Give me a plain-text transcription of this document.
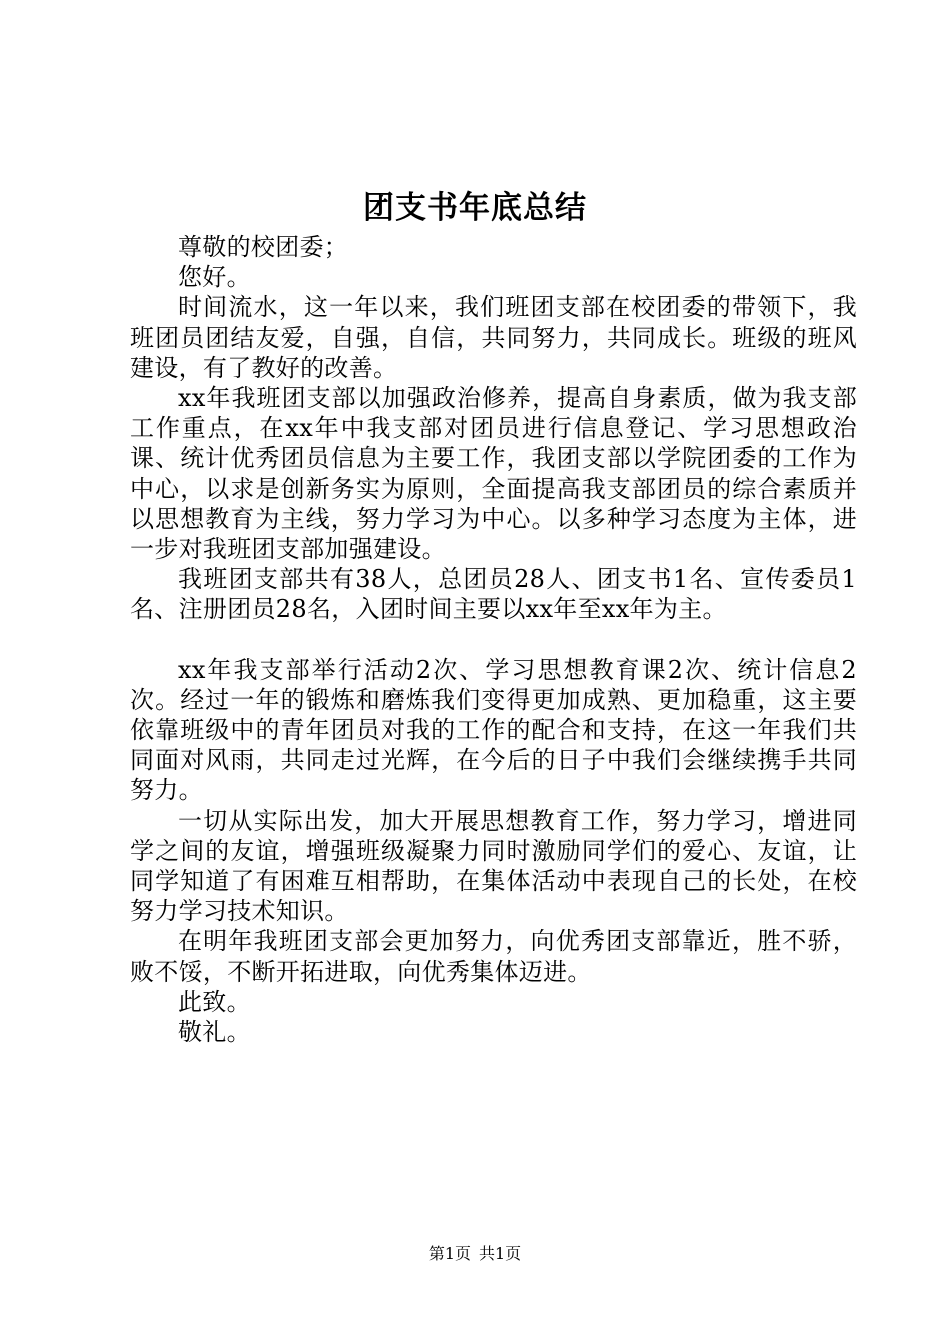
团支书年底总结

尊敬的校团委；

您好。

时间流水，这一年以来，我们班团支部在校团委的带领下，我班团员团结友爱，自强，自信，共同努力，共同成长。班级的班风建设，有了教好的改善。

xx年我班团支部以加强政治修养，提高自身素质，做为我支部工作重点，在xx年中我支部对团员进行信息登记、学习思想政治课、统计优秀团员信息为主要工作，我团支部以学院团委的工作为中心，以求是创新务实为原则，全面提高我支部团员的综合素质并以思想教育为主线，努力学习为中心。以多种学习态度为主体，进一步对我班团支部加强建设。

我班团支部共有38人，总团员28人、团支书1名、宣传委员1名、注册团员28名，入团时间主要以xx年至xx年为主。

xx年我支部举行活动2次、学习思想教育课2次、统计信息2次。经过一年的锻炼和磨炼我们变得更加成熟、更加稳重，这主要依靠班级中的青年团员对我的工作的配合和支持，在这一年我们共同面对风雨，共同走过光辉，在今后的日子中我们会继续携手共同努力。

一切从实际出发，加大开展思想教育工作，努力学习，增进同学之间的友谊，增强班级凝聚力同时激励同学们的爱心、友谊，让同学知道了有困难互相帮助，在集体活动中表现自己的长处，在校努力学习技术知识。

在明年我班团支部会更加努力，向优秀团支部靠近，胜不骄，败不馁，不断开拓进取，向优秀集体迈进。

此致。

敬礼。

第1页 共1页
